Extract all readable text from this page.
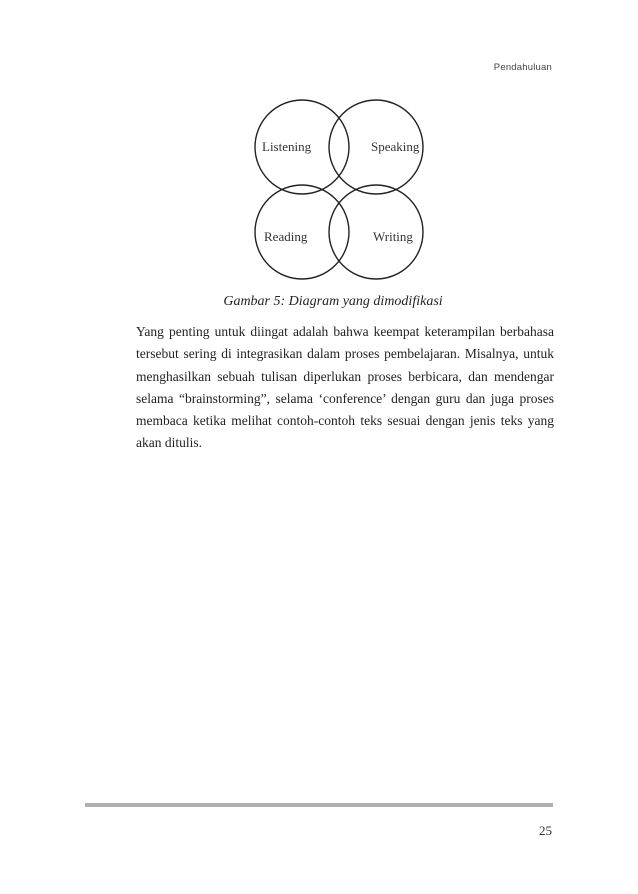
Pendahuluan
Listening	Speaking
Reading	Writing
Gambar 5: Diagram yang dimodifikasi
Yang penting untuk diingat adalah bahwa keempat keterampilan berbahasa tersebut sering di integrasikan dalam proses pembelajaran. Misalnya, untuk menghasilkan sebuah tulisan diperlukan proses berbicara, dan mendengar selama “brainstorming”, selama ‘conference’ dengan guru dan juga proses membaca ketika melihat contoh-contoh teks sesuai dengan jenis teks yang akan ditulis.
25
